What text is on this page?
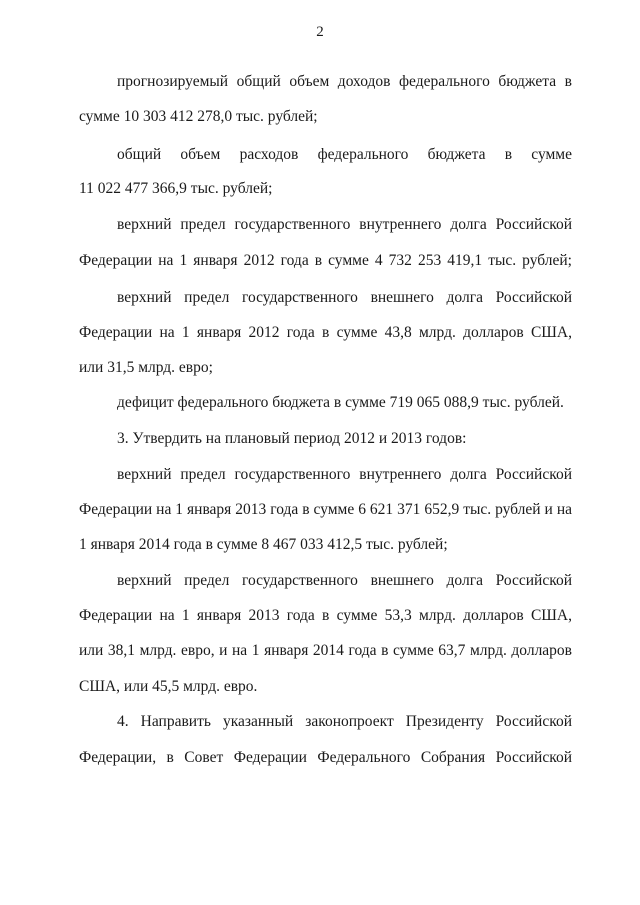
2
прогнозируемый общий объем доходов федерального бюджета в
сумме 10 303 412 278,0 тыс. рублей;
общий объем расходов федерального бюджета в сумме
11 022 477 366,9 тыс. рублей;
верхний предел государственного внутреннего долга Российской
Федерации на 1 января 2012 года в сумме 4 732 253 419,1 тыс. рублей;
верхний предел государственного внешнего долга Российской
Федерации на 1 января 2012 года в сумме 43,8 млрд. долларов США,
или 31,5 млрд. евро;
дефицит федерального бюджета в сумме 719 065 088,9 тыс. рублей.
3. Утвердить на плановый период 2012 и 2013 годов:
верхний предел государственного внутреннего долга Российской
Федерации на 1 января 2013 года в сумме 6 621 371 652,9 тыс. рублей и на
1 января 2014 года в сумме 8 467 033 412,5 тыс. рублей;
верхний предел государственного внешнего долга Российской
Федерации на 1 января 2013 года в сумме 53,3 млрд. долларов США,
или 38,1 млрд. евро, и на 1 января 2014 года в сумме 63,7 млрд. долларов
США, или 45,5 млрд. евро.
4. Направить указанный законопроект Президенту Российской
Федерации, в Совет Федерации Федерального Собрания Российской
